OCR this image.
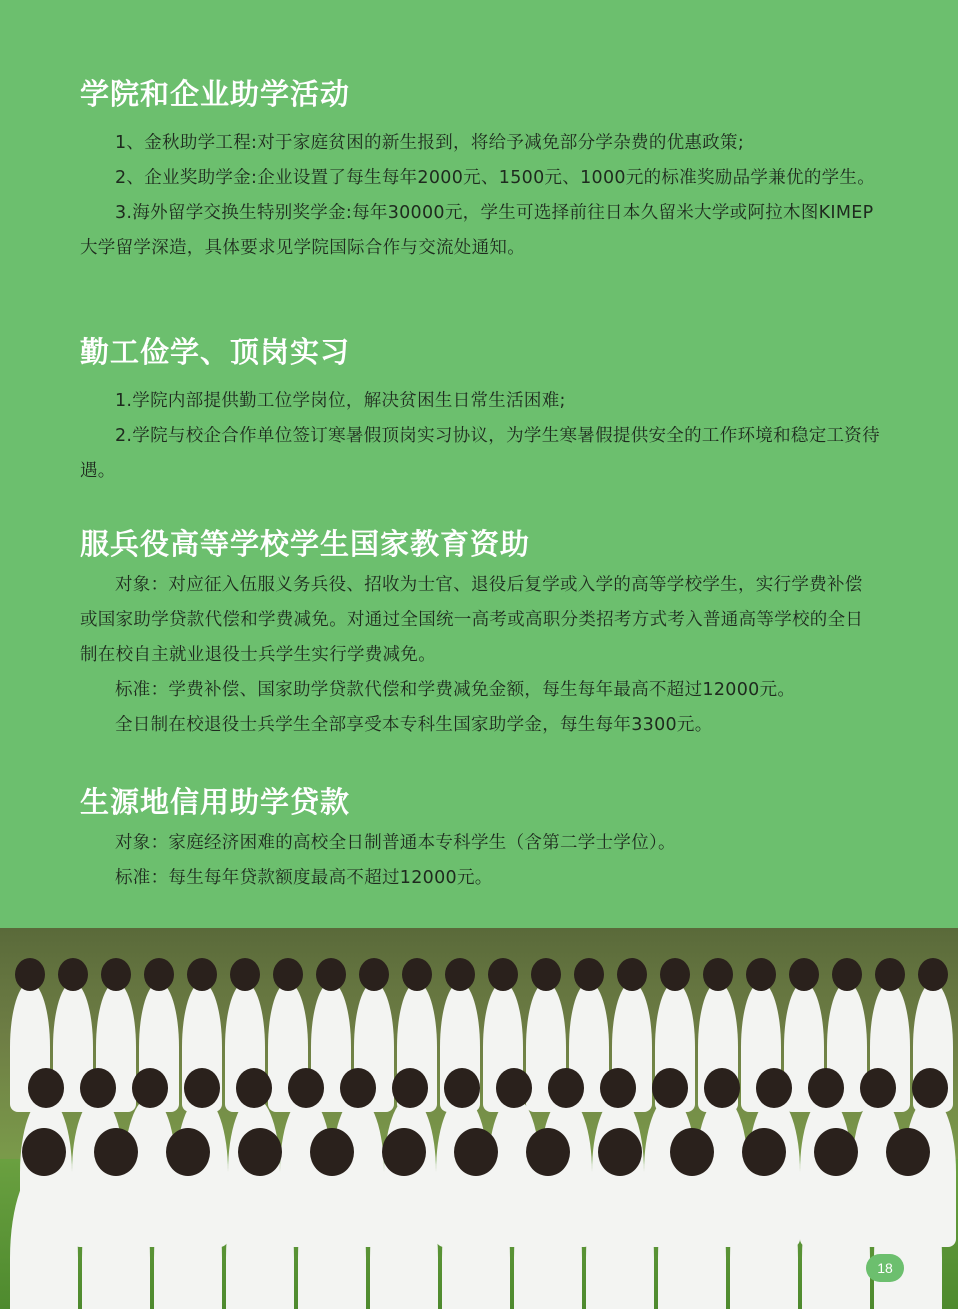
学院和企业助学活动

1、金秋助学工程:对于家庭贫困的新生报到，将给予减免部分学杂费的优惠政策;

2、企业奖助学金:企业设置了每生每年2000元、1500元、1000元的标准奖励品学兼优的学生。

3.海外留学交换生特别奖学金:每年30000元，学生可选择前往日本久留米大学或阿拉木图KIMEP大学留学深造，具体要求见学院国际合作与交流处通知。

勤工俭学、顶岗实习

1.学院内部提供勤工位学岗位，解决贫困生日常生活困难;

2.学院与校企合作单位签订寒暑假顶岗实习协议，为学生寒暑假提供安全的工作环境和稳定工资待遇。

服兵役高等学校学生国家教育资助

对象：对应征入伍服义务兵役、招收为士官、退役后复学或入学的高等学校学生，实行学费补偿或国家助学贷款代偿和学费减免。对通过全国统一高考或高职分类招考方式考入普通高等学校的全日制在校自主就业退役士兵学生实行学费减免。

标准：学费补偿、国家助学贷款代偿和学费减免金额，每生每年最高不超过12000元。

全日制在校退役士兵学生全部享受本专科生国家助学金，每生每年3300元。

生源地信用助学贷款

对象：家庭经济困难的高校全日制普通本专科学生（含第二学士学位）。

标准：每生每年贷款额度最高不超过12000元。

18
